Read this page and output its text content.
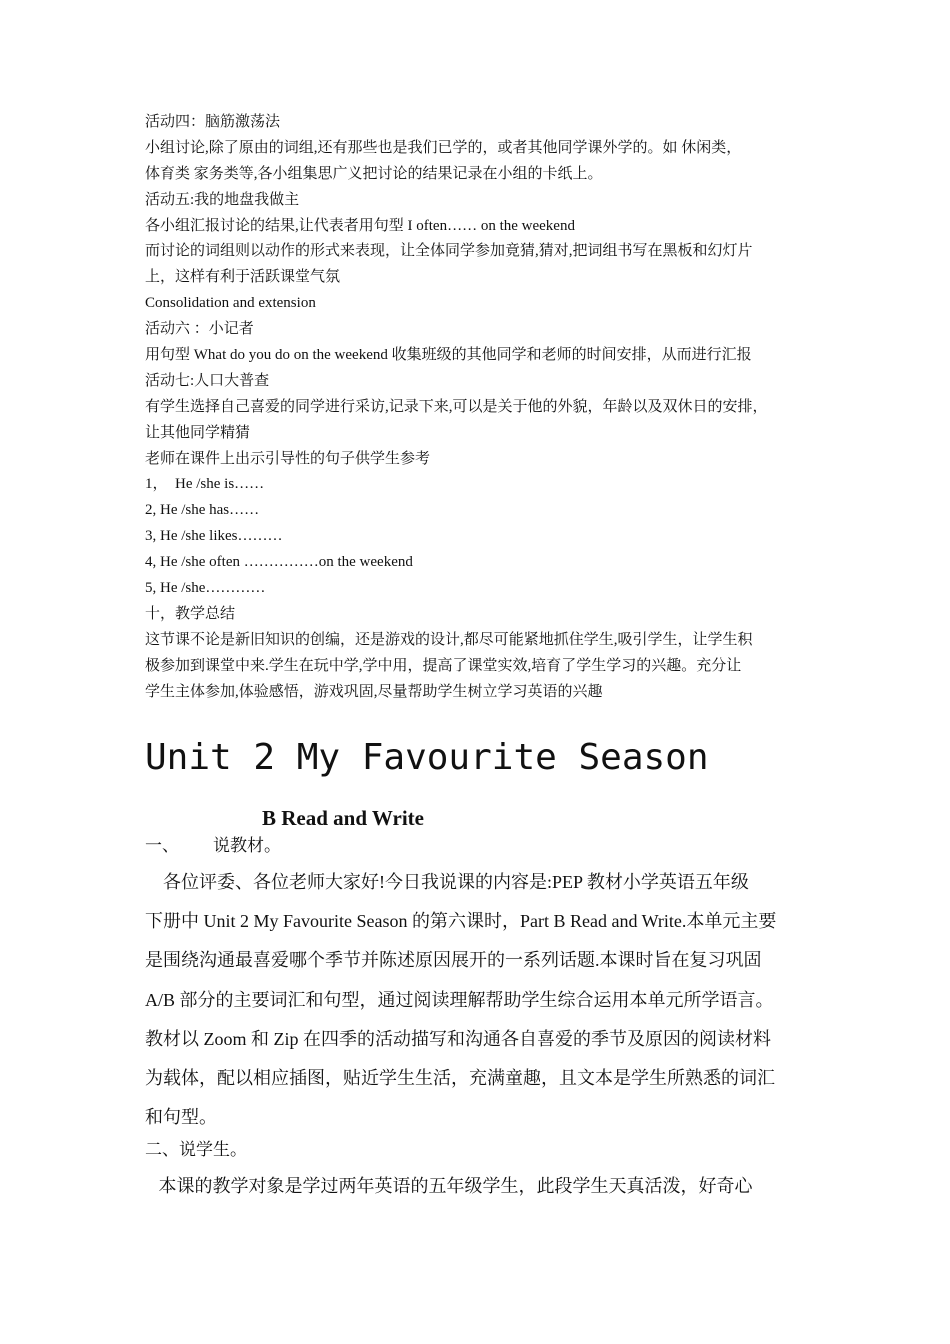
活动四：脑筋激荡法
小组讨论,除了原由的词组,还有那些也是我们已学的，或者其他同学课外学的。如 休闲类，
体育类 家务类等,各小组集思广义把讨论的结果记录在小组的卡纸上。
活动五:我的地盘我做主
各小组汇报讨论的结果,让代表者用句型 I often…… on the weekend
而讨论的词组则以动作的形式来表现，让全体同学参加竟猜,猜对,把词组书写在黑板和幻灯片
上，这样有利于活跃课堂气氛
Consolidation and extension
活动六 ：小记者
用句型 What do you do on the weekend 收集班级的其他同学和老师的时间安排，从而进行汇报
活动七:人口大普查
有学生选择自己喜爱的同学进行采访,记录下来,可以是关于他的外貌，年龄以及双休日的安排，
让其他同学精猜
老师在课件上出示引导性的句子供学生参考
1，  He /she is……
2, He /she has……
3, He /she likes………
4, He /she often ……………on the weekend
5, He /she…………
十，教学总结
这节课不论是新旧知识的创编，还是游戏的设计,都尽可能紧地抓住学生,吸引学生，让学生积
极参加到课堂中来.学生在玩中学,学中用，提高了课堂实效,培育了学生学习的兴趣。充分让
学生主体参加,体验感悟，游戏巩固,尽量帮助学生树立学习英语的兴趣
Unit 2 My Favourite Season
B Read and Write
一、 说教材。
各位评委、各位老师大家好!今日我说课的内容是:PEP 教材小学英语五年级
下册中 Unit 2 My Favourite Season 的第六课时，Part B Read and Write.本单元主要
是围绕沟通最喜爱哪个季节并陈述原因展开的一系列话题.本课时旨在复习巩固
A/B 部分的主要词汇和句型，通过阅读理解帮助学生综合运用本单元所学语言。
教材以 Zoom 和 Zip 在四季的活动描写和沟通各自喜爱的季节及原因的阅读材料
为载体，配以相应插图，贴近学生生活，充满童趣，且文本是学生所熟悉的词汇
和句型。
二、说学生。
本课的教学对象是学过两年英语的五年级学生，此段学生天真活泼，好奇心
